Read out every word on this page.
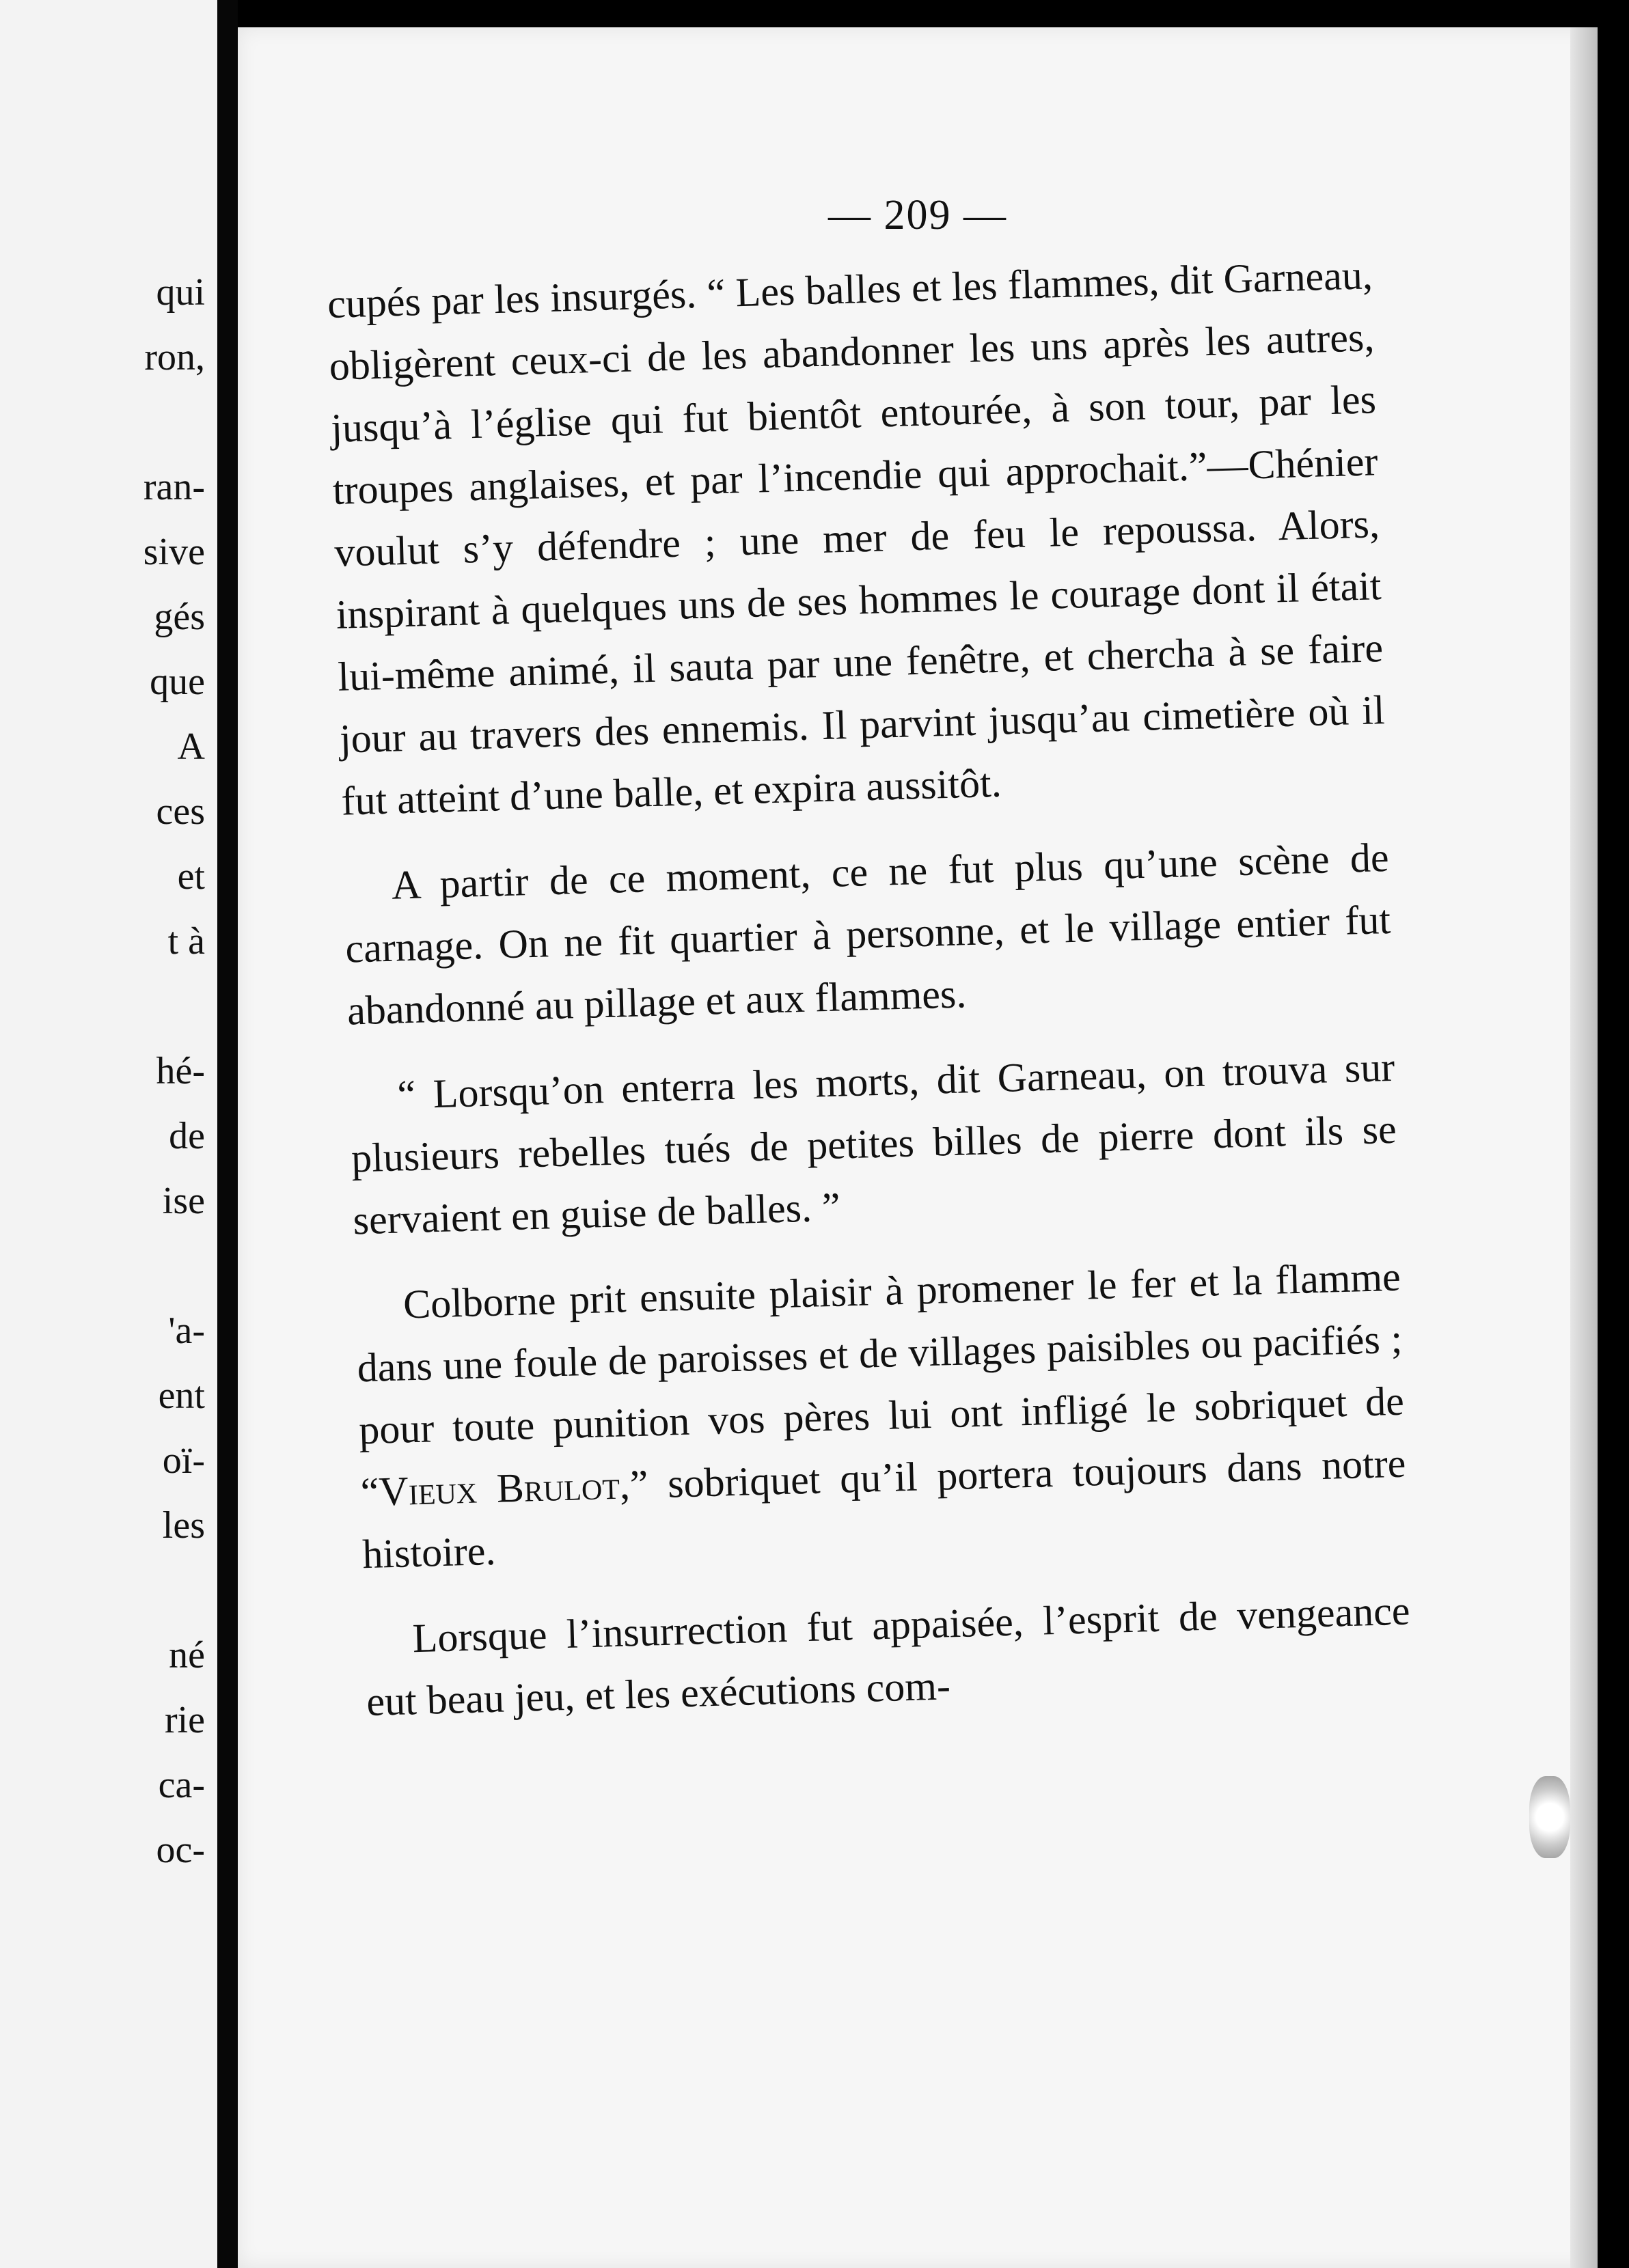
qui
ron,
ran-
sive
gés
que
A
ces
et
t à
hé-
de
ise
'a-
ent
oï-
les
né
rie
ca-
oc-
— 209 —

cupés par les insurgés. “ Les balles et les flammes, dit Garneau, obligèrent ceux-ci de les abandonner les uns après les autres, jusqu’à l’église qui fut bientôt entourée, à son tour, par les troupes anglaises, et par l’incendie qui approchait.”—Chénier voulut s’y défendre ; une mer de feu le repoussa. Alors, inspirant à quelques uns de ses hommes le courage dont il était lui-même animé, il sauta par une fenêtre, et chercha à se faire jour au travers des ennemis. Il parvint jusqu’au cimetière où il fut atteint d’une balle, et expira aussitôt.

A partir de ce moment, ce ne fut plus qu’une scène de carnage. On ne fit quartier à personne, et le village entier fut abandonné au pillage et aux flammes.

“ Lorsqu’on enterra les morts, dit Garneau, on trouva sur plusieurs rebelles tués de petites billes de pierre dont ils se servaient en guise de balles. ”

Colborne prit ensuite plaisir à promener le fer et la flamme dans une foule de paroisses et de villages paisibles ou pacifiés ; pour toute punition vos pères lui ont infligé le sobriquet de “Vieux Brulot,” sobriquet qu’il portera toujours dans notre histoire.

Lorsque l’insurrection fut appaisée, l’esprit de vengeance eut beau jeu, et les exécutions com-
